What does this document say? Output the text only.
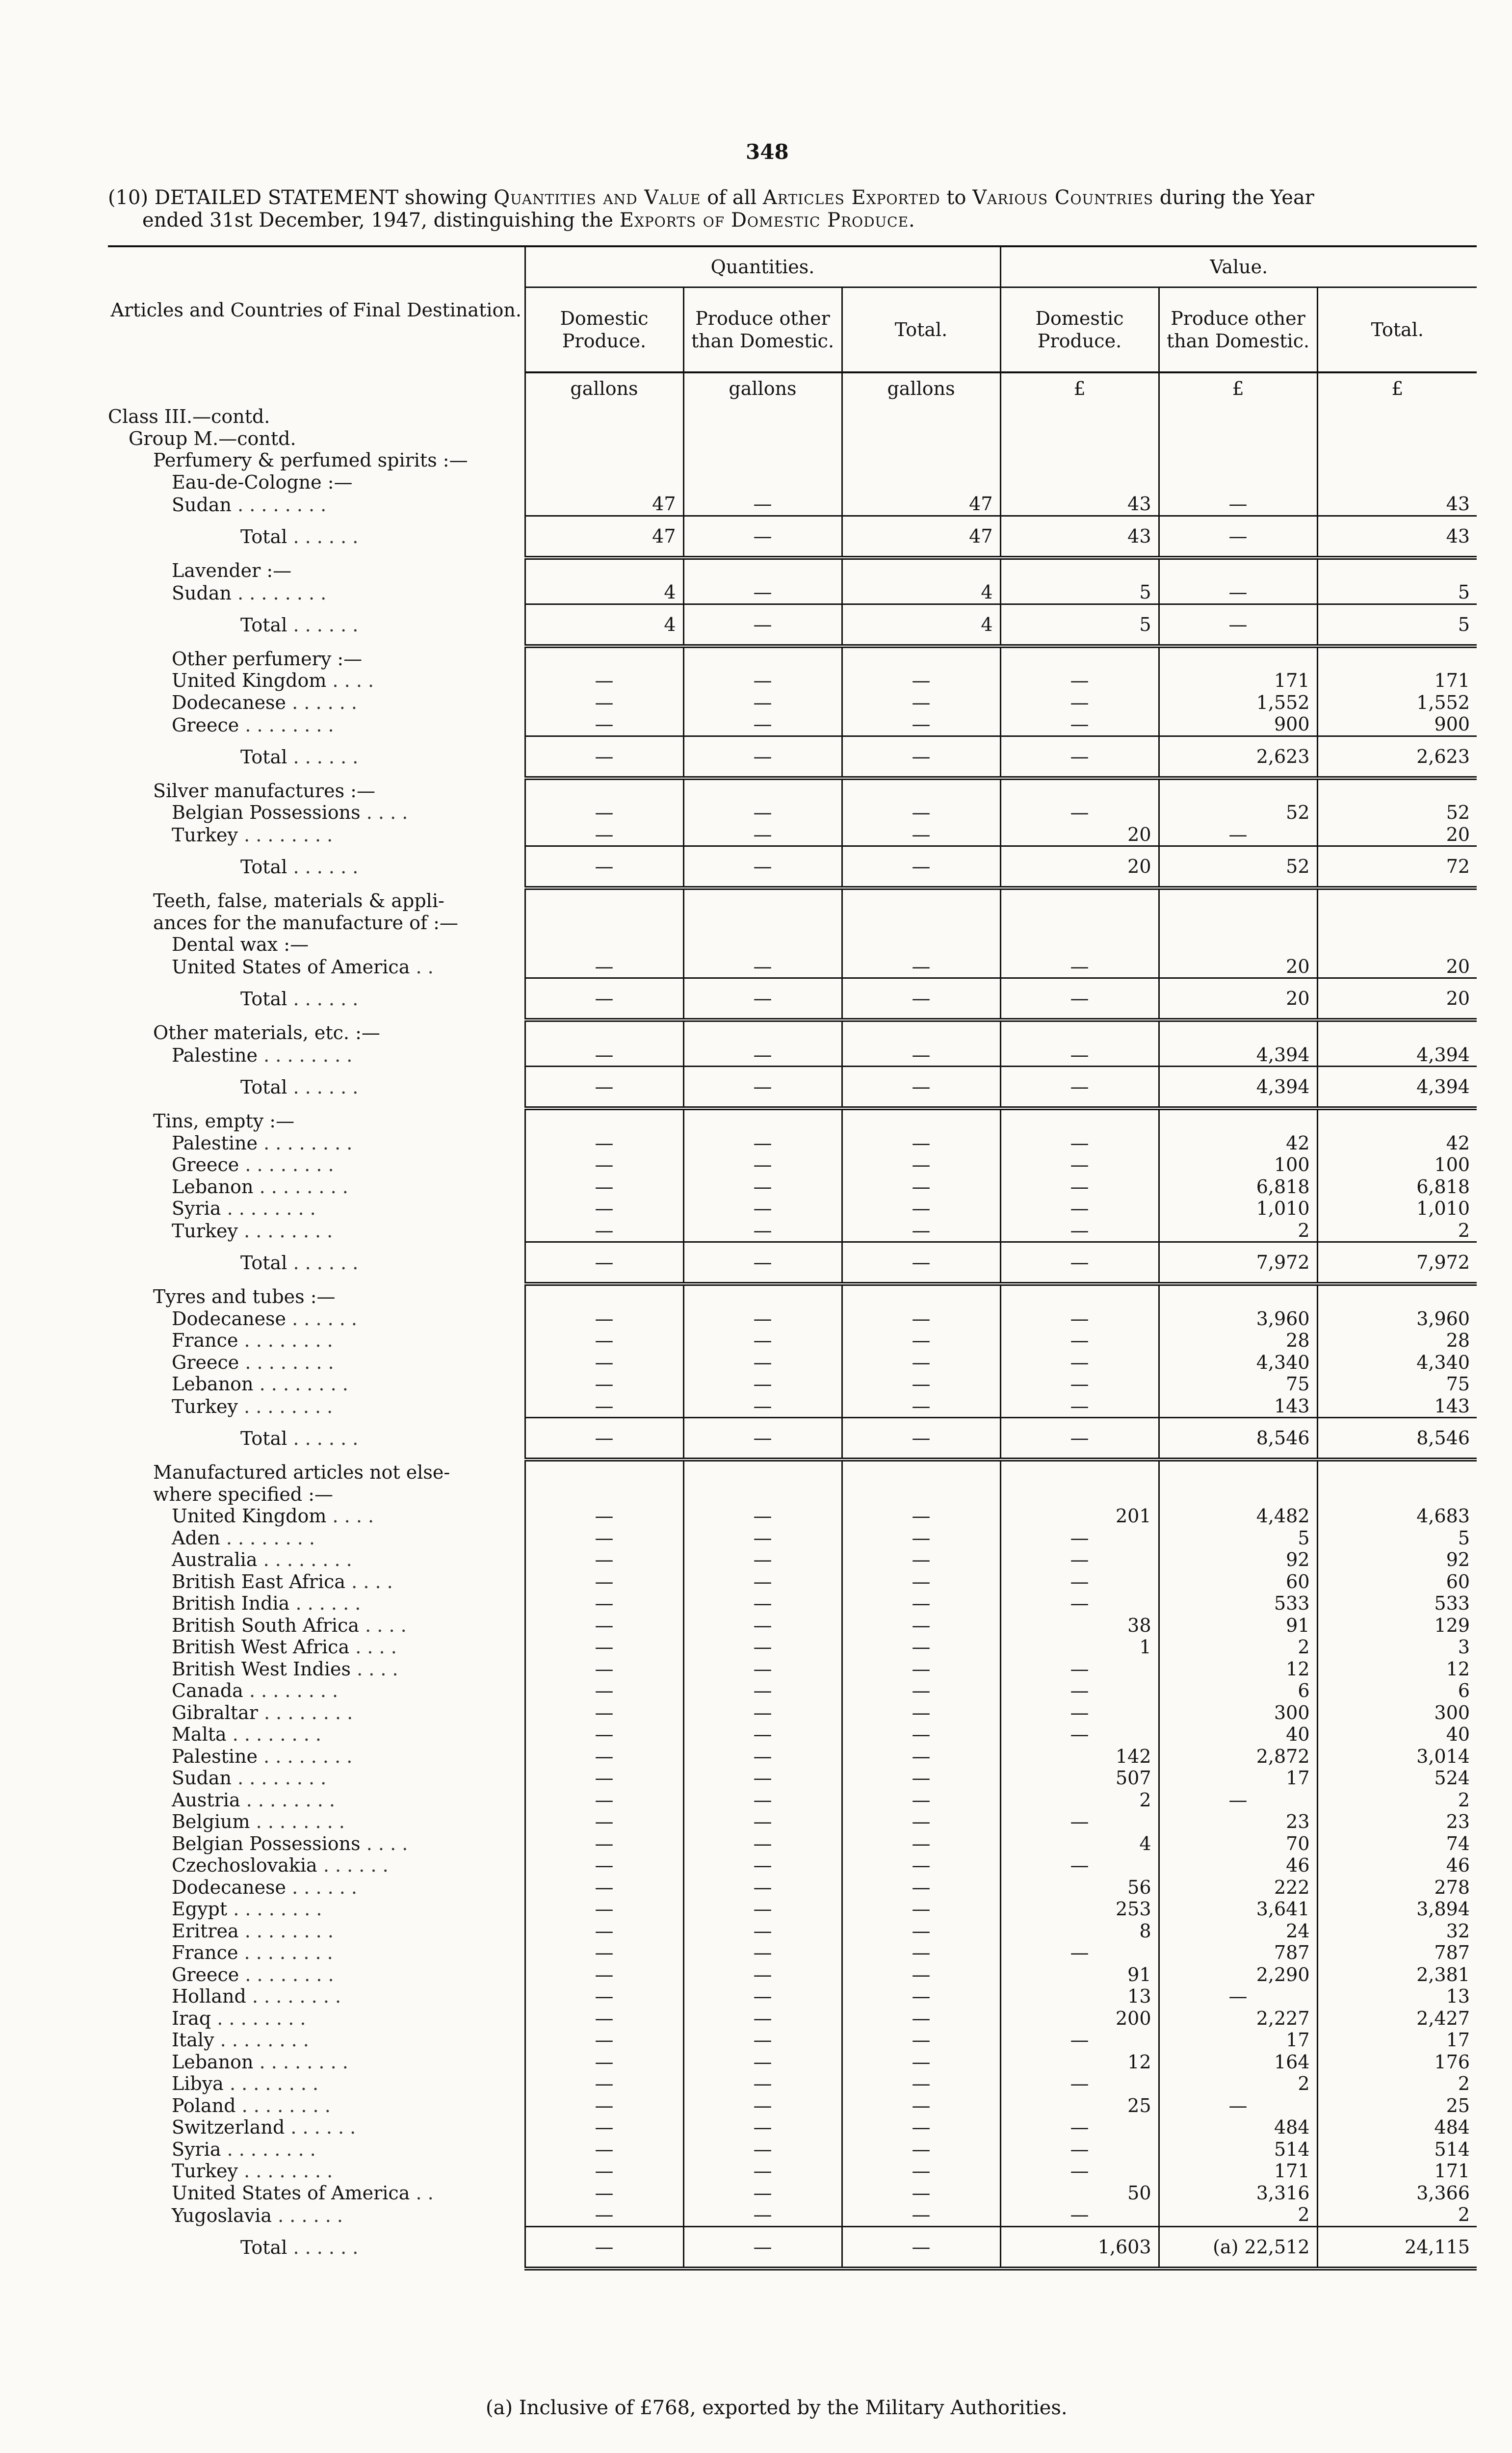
348
(10) DETAILED STATEMENT showing Quantities and Value of all Articles Exported to Various Countries during the Year
ended 31st December, 1947, distinguishing the Exports of Domestic Produce.
Articles and Countries of Final Destination.	Quantities.			Value.		
	Domestic Produce.	Produce other than Domestic.	Total.	Domestic Produce.	Produce other than Domestic.	Total.
	gallons	gallons	gallons	£	£	£
Class III.—contd.						
Group M.—contd.						
Perfumery & perfumed spirits :—						
Eau-de-Cologne :—						
Sudan . . . . . . . .	47	—	47	43	—	43
Total . . . . . .	47	—	47	43	—	43
Lavender :—						
Sudan . . . . . . . .	4	—	4	5	—	5
Total . . . . . .	4	—	4	5	—	5
Other perfumery :—						
United Kingdom . . . .	—	—	—	—	171	171
Dodecanese . . . . . .	—	—	—	—	1,552	1,552
Greece . . . . . . . .	—	—	—	—	900	900
Total . . . . . .	—	—	—	—	2,623	2,623
Silver manufactures :—						
Belgian Possessions . . . .	—	—	—	—	52	52
Turkey . . . . . . . .	—	—	—	20	—	20
Total . . . . . .	—	—	—	20	52	72
Teeth, false, materials & appli-						
ances for the manufacture of :—						
Dental wax :—						
United States of America . .	—	—	—	—	20	20
Total . . . . . .	—	—	—	—	20	20
Other materials, etc. :—						
Palestine . . . . . . . .	—	—	—	—	4,394	4,394
Total . . . . . .	—	—	—	—	4,394	4,394
Tins, empty :—						
Palestine . . . . . . . .	—	—	—	—	42	42
Greece . . . . . . . .	—	—	—	—	100	100
Lebanon . . . . . . . .	—	—	—	—	6,818	6,818
Syria . . . . . . . .	—	—	—	—	1,010	1,010
Turkey . . . . . . . .	—	—	—	—	2	2
Total . . . . . .	—	—	—	—	7,972	7,972
Tyres and tubes :—						
Dodecanese . . . . . .	—	—	—	—	3,960	3,960
France . . . . . . . .	—	—	—	—	28	28
Greece . . . . . . . .	—	—	—	—	4,340	4,340
Lebanon . . . . . . . .	—	—	—	—	75	75
Turkey . . . . . . . .	—	—	—	—	143	143
Total . . . . . .	—	—	—	—	8,546	8,546
Manufactured articles not else-						
where specified :—						
United Kingdom . . . .	—	—	—	201	4,482	4,683
Aden . . . . . . . .	—	—	—	—	5	5
Australia . . . . . . . .	—	—	—	—	92	92
British East Africa . . . .	—	—	—	—	60	60
British India . . . . . .	—	—	—	—	533	533
British South Africa . . . .	—	—	—	38	91	129
British West Africa . . . .	—	—	—	1	2	3
British West Indies . . . .	—	—	—	—	12	12
Canada . . . . . . . .	—	—	—	—	6	6
Gibraltar . . . . . . . .	—	—	—	—	300	300
Malta . . . . . . . .	—	—	—	—	40	40
Palestine . . . . . . . .	—	—	—	142	2,872	3,014
Sudan . . . . . . . .	—	—	—	507	17	524
Austria . . . . . . . .	—	—	—	2	—	2
Belgium . . . . . . . .	—	—	—	—	23	23
Belgian Possessions . . . .	—	—	—	4	70	74
Czechoslovakia . . . . . .	—	—	—	—	46	46
Dodecanese . . . . . .	—	—	—	56	222	278
Egypt . . . . . . . .	—	—	—	253	3,641	3,894
Eritrea . . . . . . . .	—	—	—	8	24	32
France . . . . . . . .	—	—	—	—	787	787
Greece . . . . . . . .	—	—	—	91	2,290	2,381
Holland . . . . . . . .	—	—	—	13	—	13
Iraq . . . . . . . .	—	—	—	200	2,227	2,427
Italy . . . . . . . .	—	—	—	—	17	17
Lebanon . . . . . . . .	—	—	—	12	164	176
Libya . . . . . . . .	—	—	—	—	2	2
Poland . . . . . . . .	—	—	—	25	—	25
Switzerland . . . . . .	—	—	—	—	484	484
Syria . . . . . . . .	—	—	—	—	514	514
Turkey . . . . . . . .	—	—	—	—	171	171
United States of America . .	—	—	—	50	3,316	3,366
Yugoslavia . . . . . .	—	—	—	—	2	2
Total . . . . . .	—	—	—	1,603	(a) 22,512	24,115
(a) Inclusive of £768, exported by the Military Authorities.
